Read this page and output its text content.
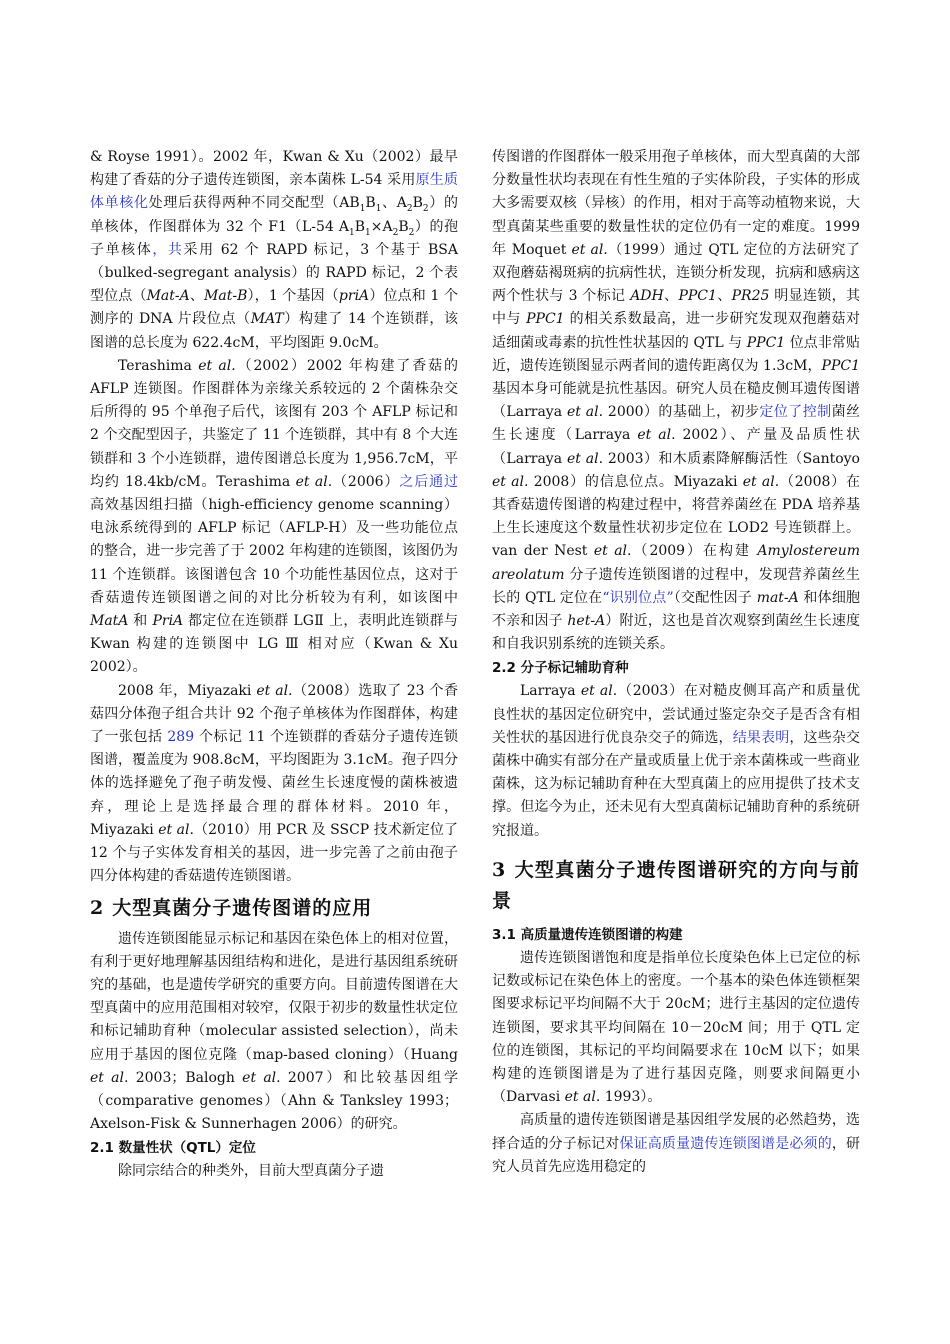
& Royse 1991）。2002 年，Kwan & Xu（2002）最早构建了香菇的分子遗传连锁图，亲本菌株 L-54 采用原生质体单核化处理后获得两种不同交配型（$AB_1B_1$、$A_2B_2$）的单核体，作图群体为 32 个 F1（L-54 $A_1B_1\times A_2B_2$）的孢子单核体，共采用 62 个 RAPD 标记，3 个基于 BSA（bulked-segregant analysis）的 RAPD 标记，2 个表型位点（Mat-A、Mat-B），1 个基因（priA）位点和 1 个测序的 DNA 片段位点（MAT）构建了 14 个连锁群，该图谱的总长度为 622.4cM，平均图距 9.0cM。

Terashima et al.（2002）2002 年构建了香菇的 AFLP 连锁图。作图群体为亲缘关系较远的 2 个菌株杂交后所得的 95 个单孢子后代，该图有 203 个 AFLP 标记和 2 个交配型因子，共鉴定了 11 个连锁群，其中有 8 个大连锁群和 3 个小连锁群，遗传图谱总长度为 1,956.7cM，平均约 18.4kb/cM。Terashima et al.（2006）之后通过高效基因组扫描（high-efficiency genome scanning）电泳系统得到的 AFLP 标记（AFLP-H）及一些功能位点的整合，进一步完善了于 2002 年构建的连锁图，该图仍为 11 个连锁群。该图谱包含 10 个功能性基因位点，这对于香菇遗传连锁图谱之间的对比分析较为有利，如该图中 MatA 和 PriA 都定位在连锁群 LGⅡ 上，表明此连锁群与 Kwan 构建的连锁图中 LG Ⅲ 相对应（Kwan & Xu 2002）。

2008 年，Miyazaki et al.（2008）选取了 23 个香菇四分体孢子组合共计 92 个孢子单核体为作图群体，构建了一张包括 289 个标记 11 个连锁群的香菇分子遗传连锁图谱，覆盖度为 908.8cM，平均图距为 3.1cM。孢子四分体的选择避免了孢子萌发慢、菌丝生长速度慢的菌株被遗弃，理论上是选择最合理的群体材料。2010 年，Miyazaki et al.（2010）用 PCR 及 SSCP 技术新定位了 12 个与子实体发育相关的基因，进一步完善了之前由孢子四分体构建的香菇遗传连锁图谱。

2 大型真菌分子遗传图谱的应用

遗传连锁图能显示标记和基因在染色体上的相对位置，有利于更好地理解基因组结构和进化，是进行基因组系统研究的基础，也是遗传学研究的重要方向。目前遗传图谱在大型真菌中的应用范围相对较窄，仅限于初步的数量性状定位和标记辅助育种（molecular assisted selection），尚未应用于基因的图位克隆（map-based cloning）（Huang et al. 2003；Balogh et al. 2007）和比较基因组学（comparative genomes）（Ahn & Tanksley 1993；Axelson-Fisk & Sunnerhagen 2006）的研究。

2.1 数量性状（QTL）定位

除同宗结合的种类外，目前大型真菌分子遗

传图谱的作图群体一般采用孢子单核体，而大型真菌的大部分数量性状均表现在有性生殖的子实体阶段，子实体的形成大多需要双核（异核）的作用，相对于高等动植物来说，大型真菌某些重要的数量性状的定位仍有一定的难度。1999 年 Moquet et al.（1999）通过 QTL 定位的方法研究了双孢蘑菇褐斑病的抗病性状，连锁分析发现，抗病和感病这两个性状与 3 个标记 ADH、PPC1、PR25 明显连锁，其中与 PPC1 的相关系数最高，进一步研究发现双孢蘑菇对适细菌或毒素的抗性性状基因的 QTL 与 PPC1 位点非常贴近，遗传连锁图显示两者间的遗传距离仅为 1.3cM，PPC1 基因本身可能就是抗性基因。研究人员在糙皮侧耳遗传图谱（Larraya et al. 2000）的基础上，初步定位了控制菌丝生长速度（Larraya et al. 2002）、产量及品质性状（Larraya et al. 2003）和木质素降解酶活性（Santoyo et al. 2008）的信息位点。Miyazaki et al.（2008）在其香菇遗传图谱的构建过程中，将营养菌丝在 PDA 培养基上生长速度这个数量性状初步定位在 LOD2 号连锁群上。van der Nest et al.（2009）在构建 Amylostereum areolatum 分子遗传连锁图谱的过程中，发现营养菌丝生长的 QTL 定位在“识别位点”（交配性因子 mat-A 和体细胞不亲和因子 het-A）附近，这也是首次观察到菌丝生长速度和自我识别系统的连锁关系。

2.2 分子标记辅助育种

Larraya et al.（2003）在对糙皮侧耳高产和质量优良性状的基因定位研究中，尝试通过鉴定杂交子是否含有相关性状的基因进行优良杂交子的筛选，结果表明，这些杂交菌株中确实有部分在产量或质量上优于亲本菌株或一些商业菌株，这为标记辅助育种在大型真菌上的应用提供了技术支撑。但迄今为止，还未见有大型真菌标记辅助育种的系统研究报道。

3 大型真菌分子遗传图谱研究的方向与前景
3.1 高质量遗传连锁图谱的构建

遗传连锁图谱饱和度是指单位长度染色体上已定位的标记数或标记在染色体上的密度。一个基本的染色体连锁框架图要求标记平均间隔不大于 20cM；进行主基因的定位遗传连锁图，要求其平均间隔在 10－20cM 间；用于 QTL 定位的连锁图，其标记的平均间隔要求在 10cM 以下；如果构建的连锁图谱是为了进行基因克隆，则要求间隔更小（Darvasi et al. 1993）。

高质量的遗传连锁图谱是基因组学发展的必然趋势，选择合适的分子标记对保证高质量遗传连锁图谱是必须的，研究人员首先应选用稳定的
